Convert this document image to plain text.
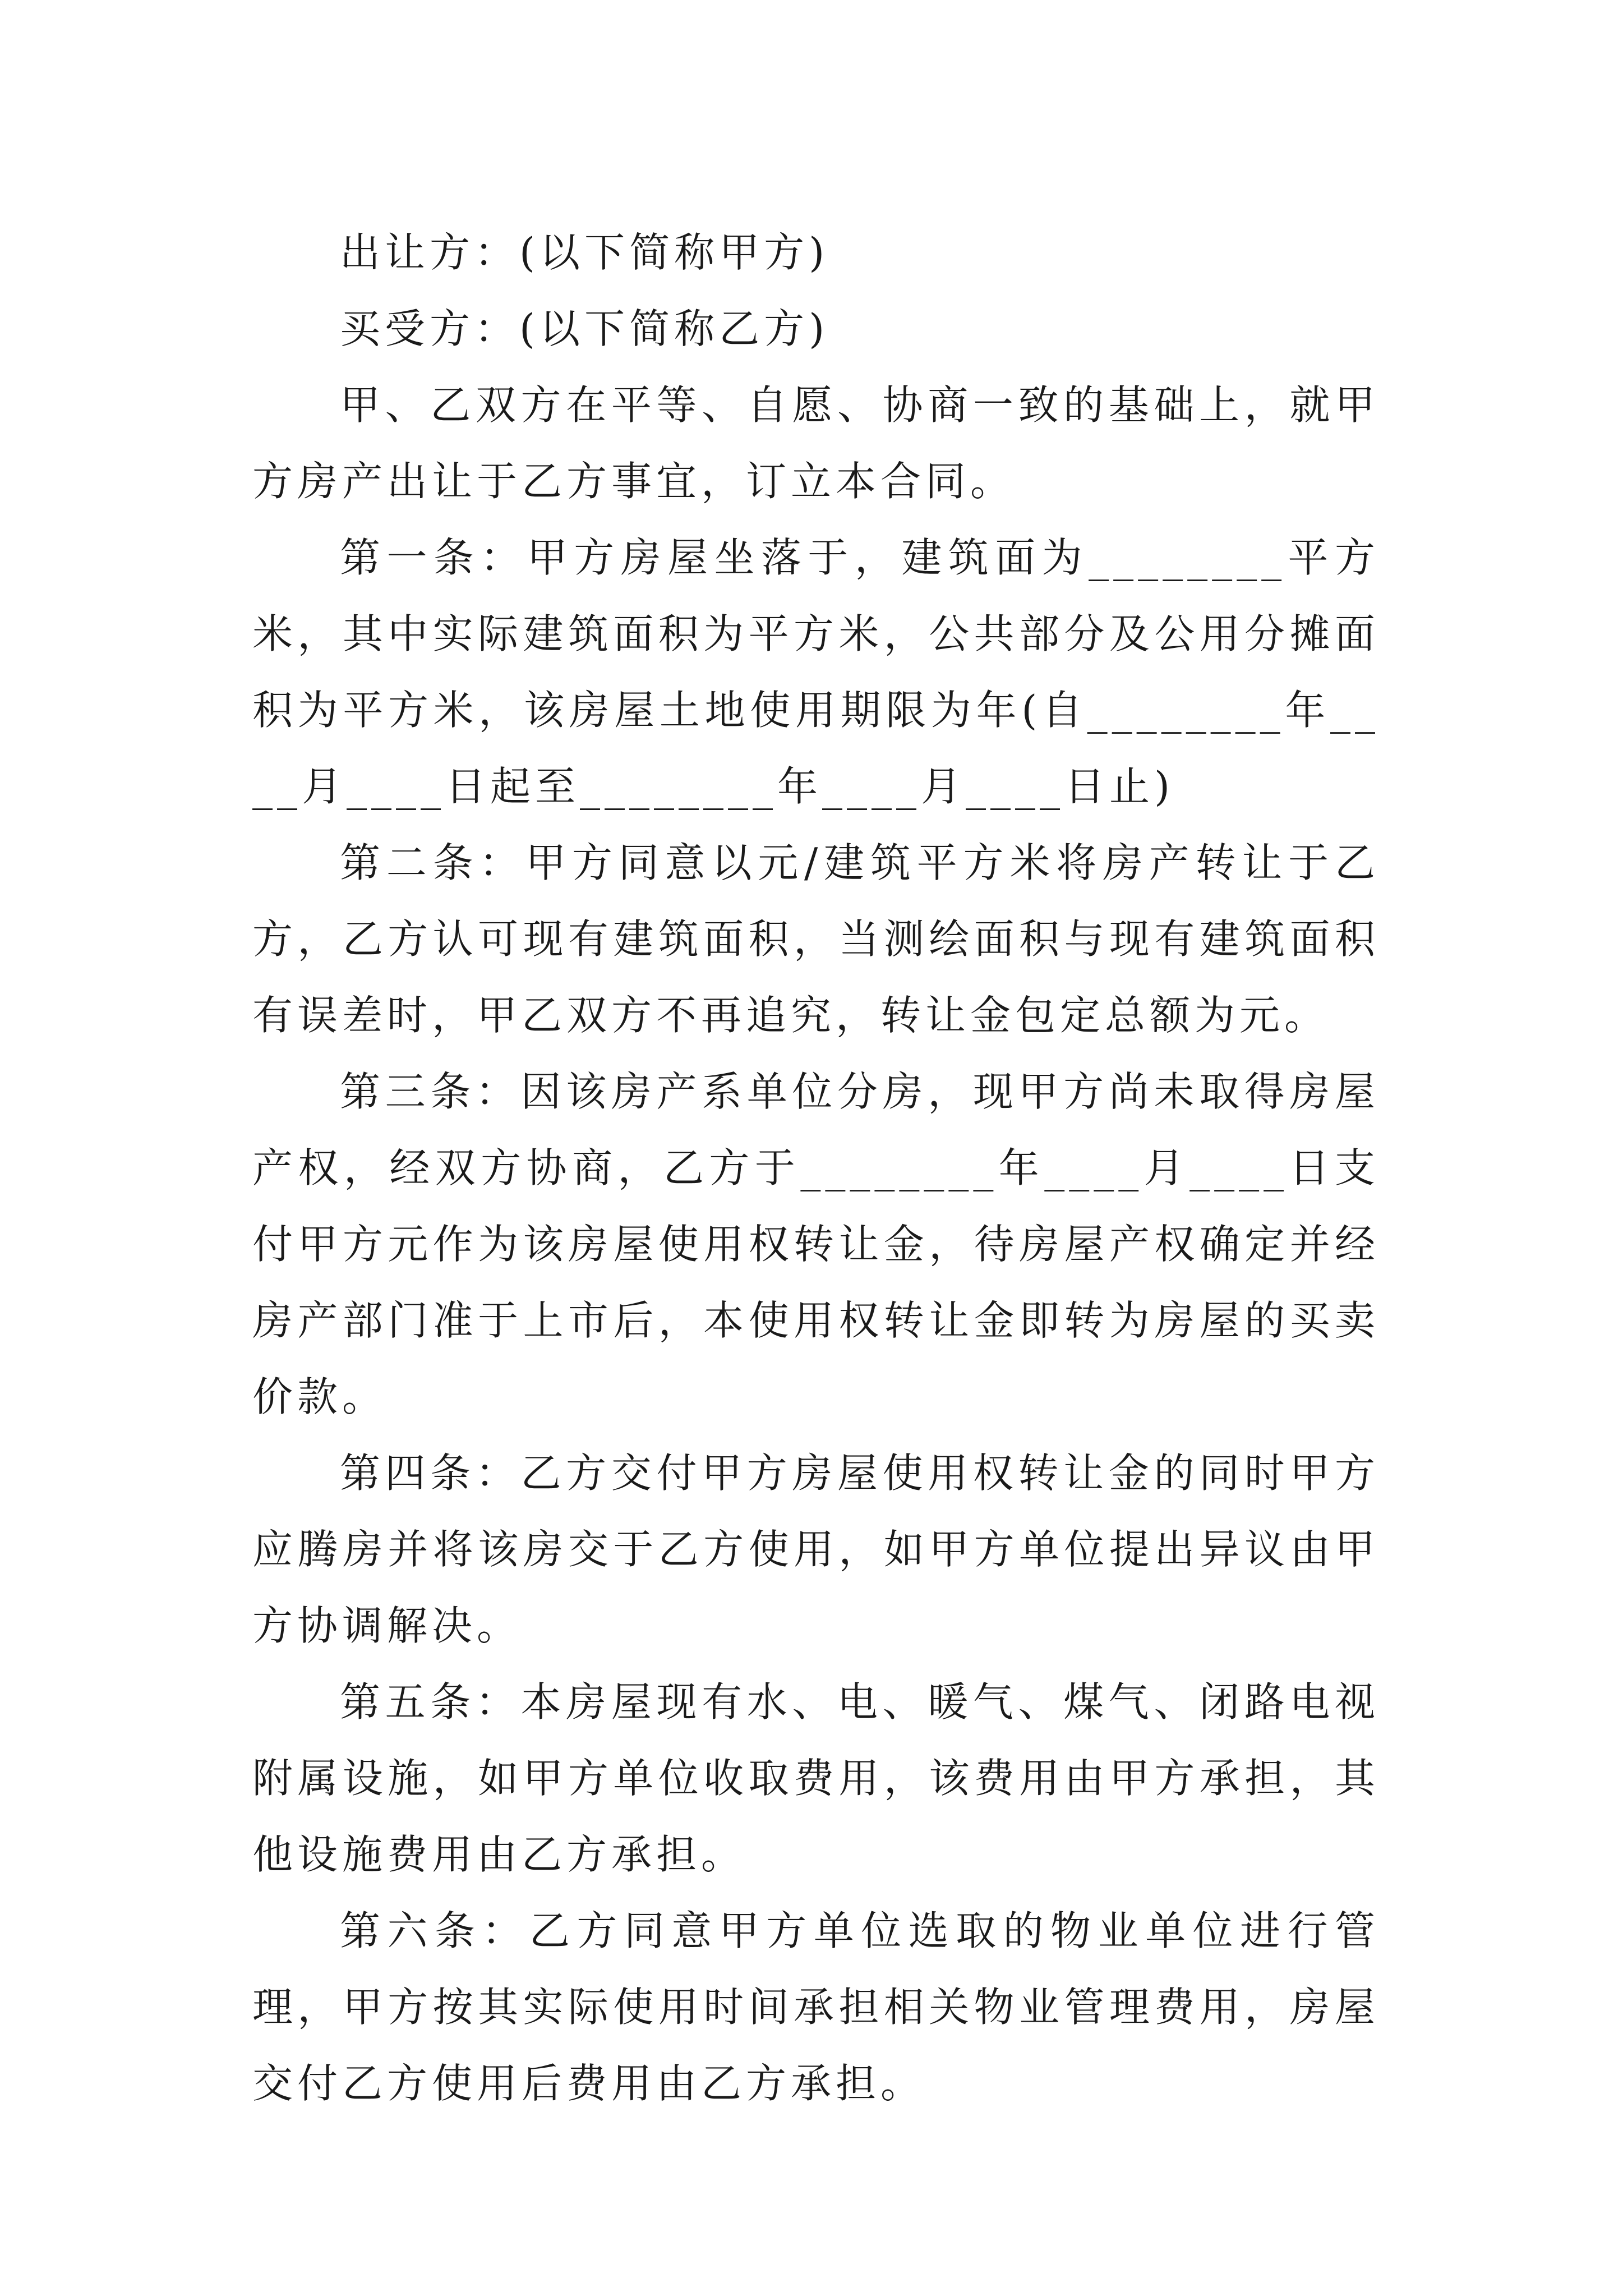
出让方：(以下简称甲方)

买受方：(以下简称乙方)

甲、乙双方在平等、自愿、协商一致的基础上，就甲方房产出让于乙方事宜，订立本合同。

第一条：甲方房屋坐落于，建筑面为________平方米，其中实际建筑面积为平方米，公共部分及公用分摊面积为平方米，该房屋土地使用期限为年(自________年____月____日起至________年____月____日止)

第二条：甲方同意以元/建筑平方米将房产转让于乙方，乙方认可现有建筑面积，当测绘面积与现有建筑面积有误差时，甲乙双方不再追究，转让金包定总额为元。

第三条：因该房产系单位分房，现甲方尚未取得房屋产权，经双方协商，乙方于________年____月____日支付甲方元作为该房屋使用权转让金，待房屋产权确定并经房产部门准于上市后，本使用权转让金即转为房屋的买卖价款。

第四条：乙方交付甲方房屋使用权转让金的同时甲方应腾房并将该房交于乙方使用，如甲方单位提出异议由甲方协调解决。

第五条：本房屋现有水、电、暖气、煤气、闭路电视附属设施，如甲方单位收取费用，该费用由甲方承担，其他设施费用由乙方承担。

第六条：乙方同意甲方单位选取的物业单位进行管理，甲方按其实际使用时间承担相关物业管理费用，房屋交付乙方使用后费用由乙方承担。
